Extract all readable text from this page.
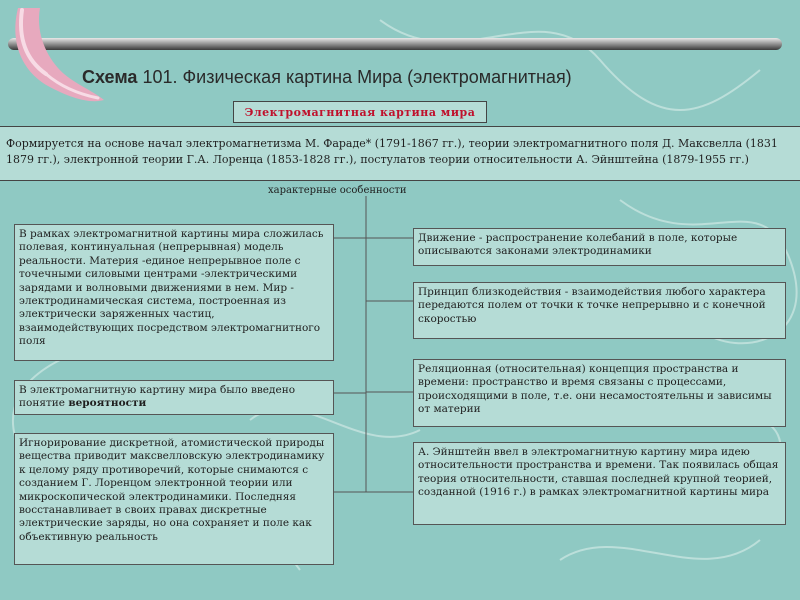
Схема 101. Физическая картина Мира (электромагнитная)
Электромагнитная картина мира
Формируется на основе начал электромагнетизма М. Фараде* (1791-1867 гг.), теории электромагнитного поля Д. Максвелла (1831 1879 гг.), электронной теории Г.А. Лоренца (1853-1828 гг.), постулатов теории относительности А. Эйнштейна (1879-1955 гг.)
характерные особенности
В рамках электромагнитной картины мира сложилась полевая, континуальная (непрерывная) модель реальности. Материя -единое непрерывное поле с точечными силовыми центрами -электрическими зарядами и волновыми движениями в нем. Мир - электродинамическая система, построенная из электрически заряженных частиц, взаимодействующих посредством электромагнитного поля
В электромагнитную картину мира было введено понятие вероятности
Игнорирование дискретной, атомистической природы вещества приводит максвелловскую электродинамику к целому ряду противоречий, которые снимаются с созданием Г. Лоренцом электронной теории или микроскопической электродинамики. Последняя восстанавливает в своих правах дискретные электрические заряды, но она сохраняет и поле как объективную реальность
Движение - распространение колебаний в поле, которые описываются законами электродинамики
Принцип близкодействия - взаимодействия любого характера передаются полем от точки к точке непрерывно и с конечной скоростью
Реляционная (относительная) концепция пространства и времени: пространство и время связаны с процессами, происходящими в поле, т.е. они несамостоятельны и зависимы от материи
А. Эйнштейн ввел в электромагнитную картину мира идею относительности пространства и времени. Так появилась общая теория относительности, ставшая последней крупной теорией, созданной (1916 г.) в рамках электромагнитной картины мира
